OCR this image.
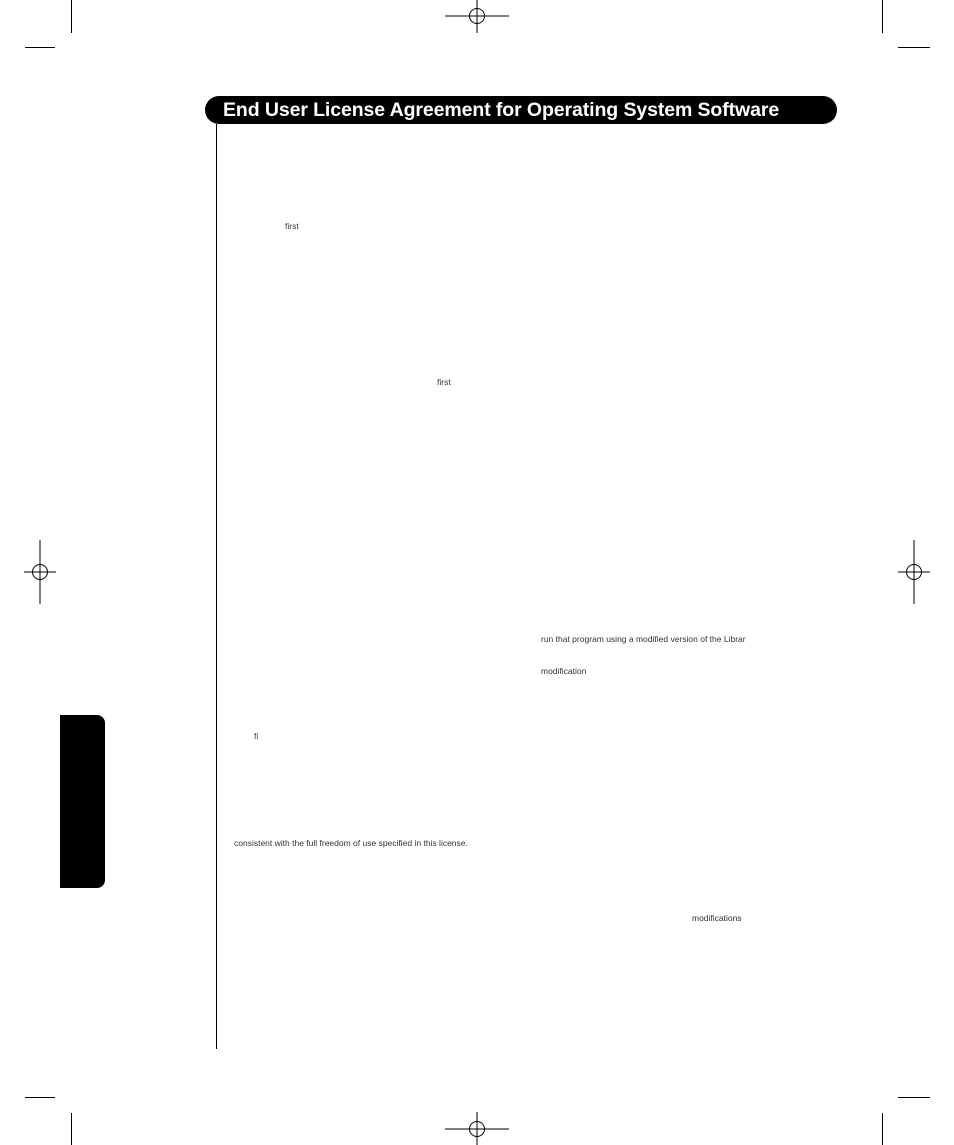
End User License Agreement for Operating System Software
first
first
run that program using a modified version of the Librar
modification
fi
consistent with the full freedom of use specified in this license.
modifications
